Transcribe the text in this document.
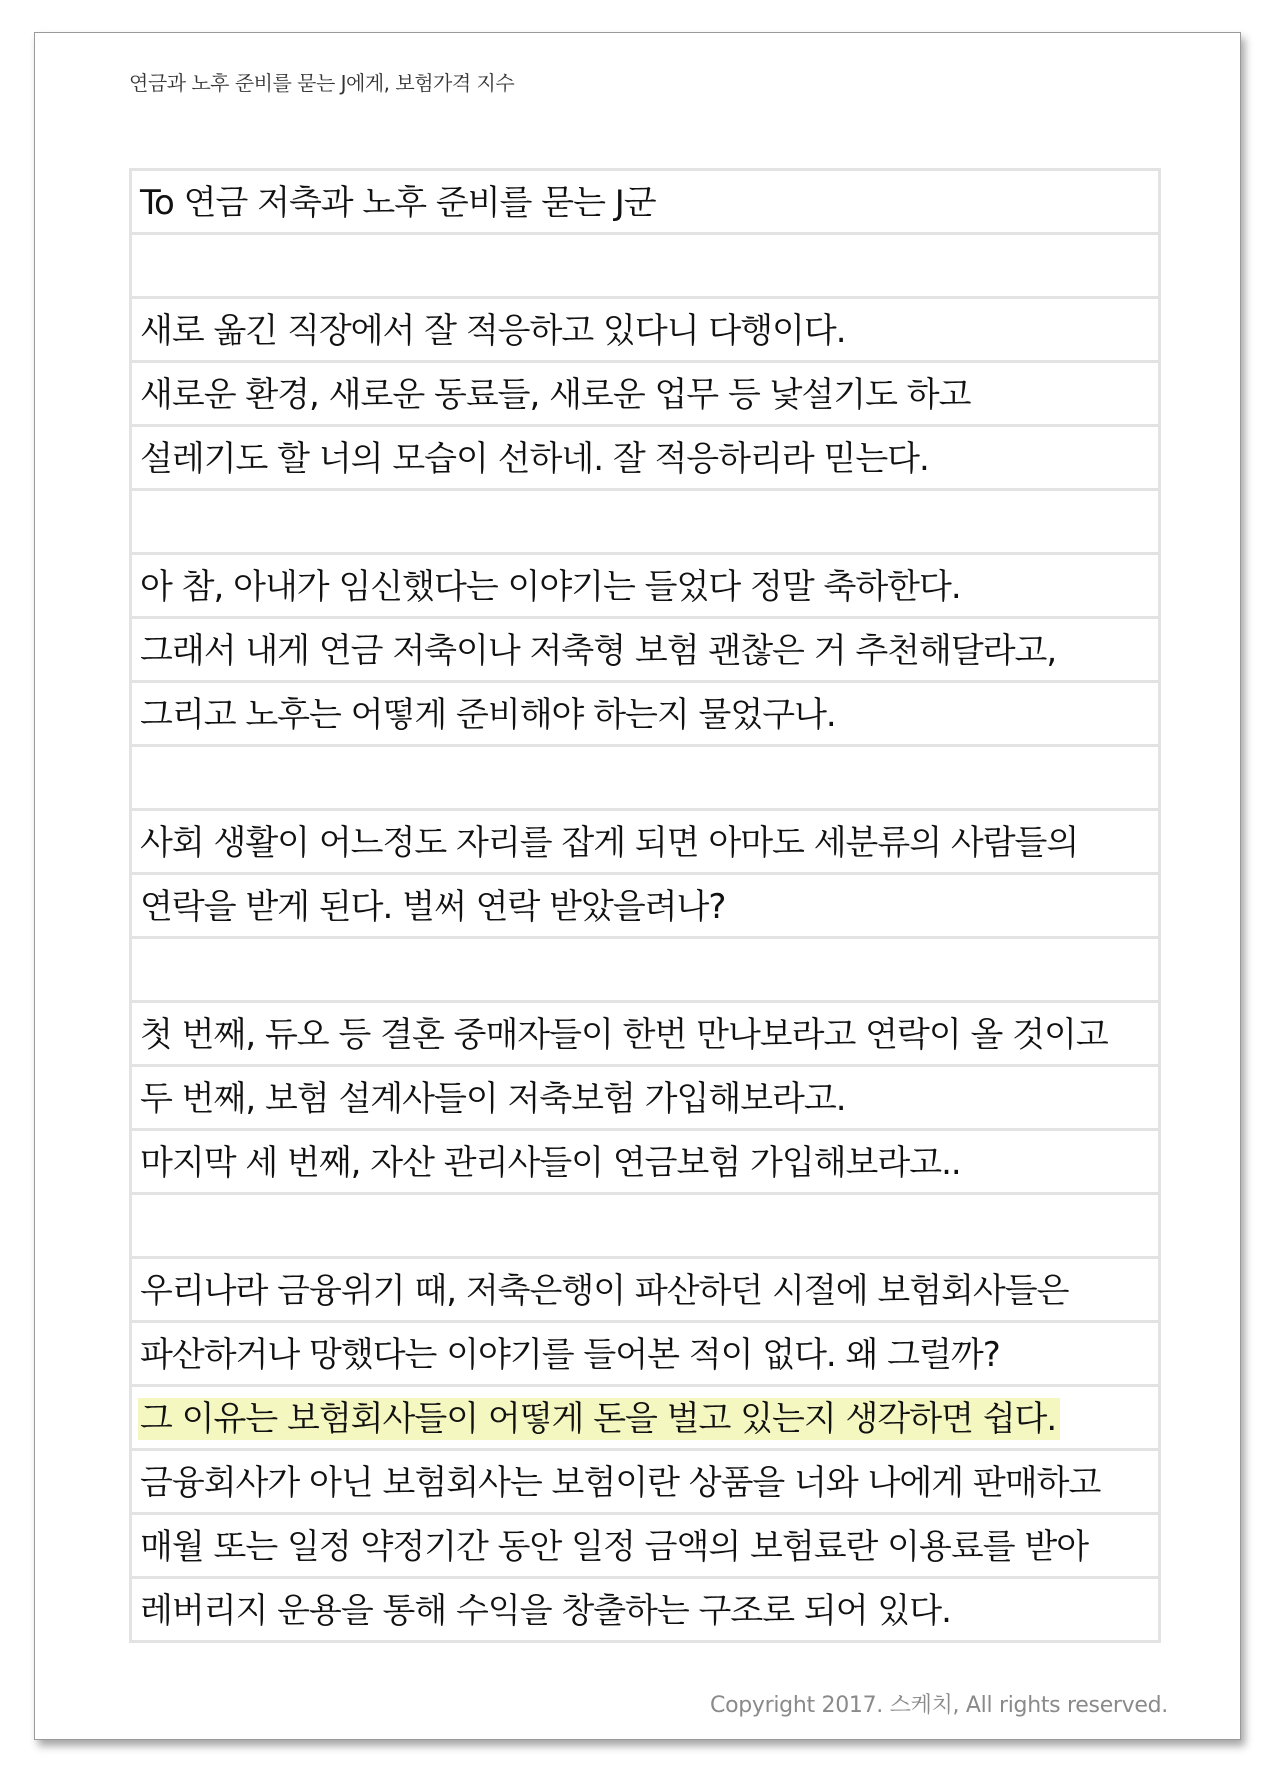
연금과 노후 준비를 묻는 J에게, 보험가격 지수
To 연금 저축과 노후 준비를 묻는 J군
새로 옮긴 직장에서 잘 적응하고 있다니 다행이다.
새로운 환경, 새로운 동료들, 새로운 업무 등 낯설기도 하고
설레기도 할 너의 모습이 선하네. 잘 적응하리라 믿는다.
아 참, 아내가 임신했다는 이야기는 들었다 정말 축하한다.
그래서 내게 연금 저축이나 저축형 보험 괜찮은 거 추천해달라고,
그리고 노후는 어떻게 준비해야 하는지 물었구나.
사회 생활이 어느정도 자리를 잡게 되면 아마도 세분류의 사람들의
연락을 받게 된다. 벌써 연락 받았을려나?
첫 번째, 듀오 등 결혼 중매자들이 한번 만나보라고 연락이 올 것이고
두 번째, 보험 설계사들이 저축보험 가입해보라고.
마지막 세 번째, 자산 관리사들이 연금보험 가입해보라고..
우리나라 금융위기 때, 저축은행이 파산하던 시절에 보험회사들은
파산하거나 망했다는 이야기를 들어본 적이 없다. 왜 그럴까?
그 이유는 보험회사들이 어떻게 돈을 벌고 있는지 생각하면 쉽다.
금융회사가 아닌 보험회사는 보험이란 상품을 너와 나에게 판매하고
매월 또는 일정 약정기간 동안 일정 금액의 보험료란 이용료를 받아
레버리지 운용을 통해 수익을 창출하는 구조로 되어 있다.
Copyright 2017. 스케치, All rights reserved.
